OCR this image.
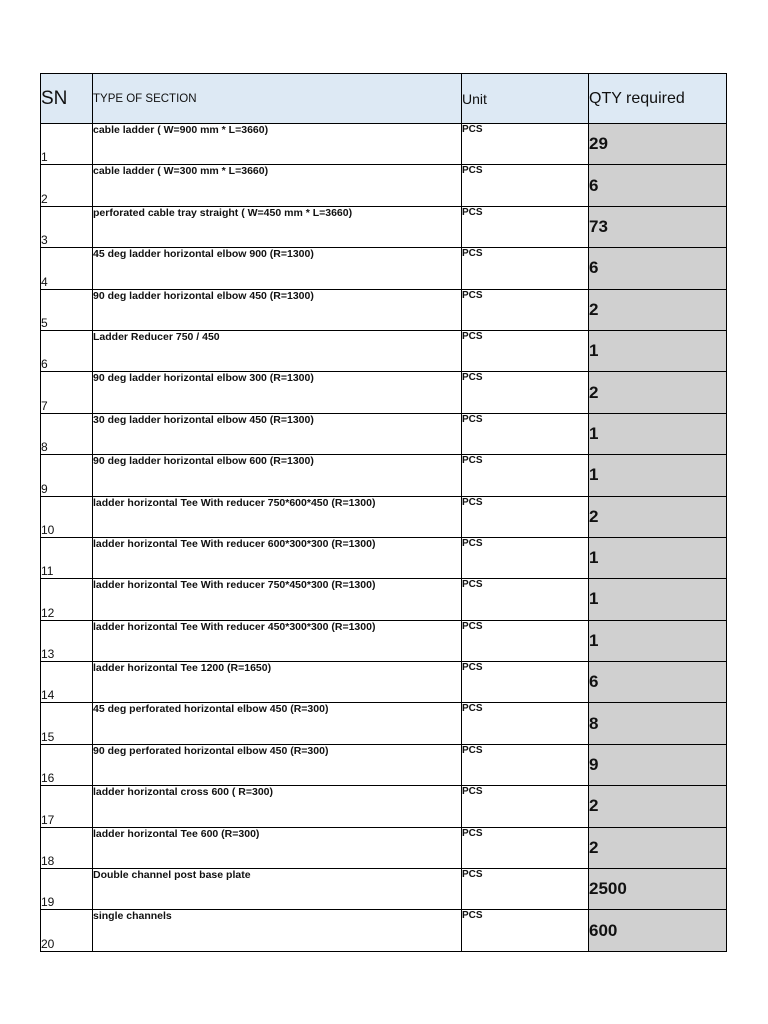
SN	TYPE OF SECTION	Unit	QTY required
1	cable ladder ( W=900 mm * L=3660)	PCS	29
2	cable ladder ( W=300 mm * L=3660)	PCS	6
3	perforated cable tray straight ( W=450 mm * L=3660)	PCS	73
4	45 deg ladder horizontal elbow 900 (R=1300)	PCS	6
5	90 deg ladder horizontal elbow 450 (R=1300)	PCS	2
6	Ladder Reducer 750 / 450	PCS	1
7	90 deg ladder horizontal elbow 300 (R=1300)	PCS	2
8	30 deg ladder horizontal elbow 450 (R=1300)	PCS	1
9	90 deg ladder horizontal elbow 600 (R=1300)	PCS	1
10	ladder horizontal Tee With reducer 750*600*450 (R=1300)	PCS	2
11	ladder horizontal Tee With reducer 600*300*300 (R=1300)	PCS	1
12	ladder horizontal Tee With reducer 750*450*300 (R=1300)	PCS	1
13	ladder horizontal Tee With reducer 450*300*300 (R=1300)	PCS	1
14	ladder horizontal Tee 1200 (R=1650)	PCS	6
15	45 deg perforated horizontal elbow 450 (R=300)	PCS	8
16	90 deg perforated horizontal elbow 450 (R=300)	PCS	9
17	ladder horizontal cross 600 ( R=300)	PCS	2
18	ladder horizontal Tee 600 (R=300)	PCS	2
19	Double channel post base plate	PCS	2500
20	single channels	PCS	600
